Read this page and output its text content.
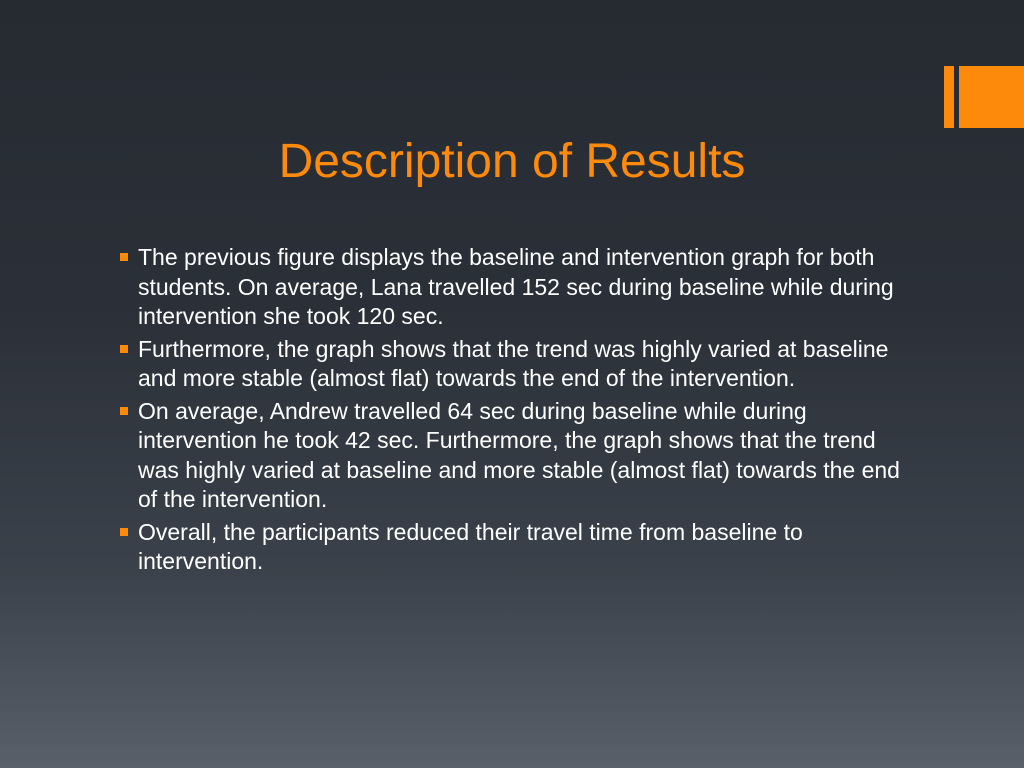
Description of Results
The previous figure displays the baseline and intervention graph for both students. On average, Lana travelled 152 sec during baseline while during intervention she took 120 sec.
Furthermore, the graph shows that the trend was highly varied at baseline and more stable (almost flat) towards the end of the intervention.
On average, Andrew travelled 64 sec during baseline while during intervention he took 42 sec. Furthermore, the graph shows that the trend was highly varied at baseline and more stable (almost flat) towards the end of the intervention.
Overall, the participants reduced their travel time from baseline to intervention.
